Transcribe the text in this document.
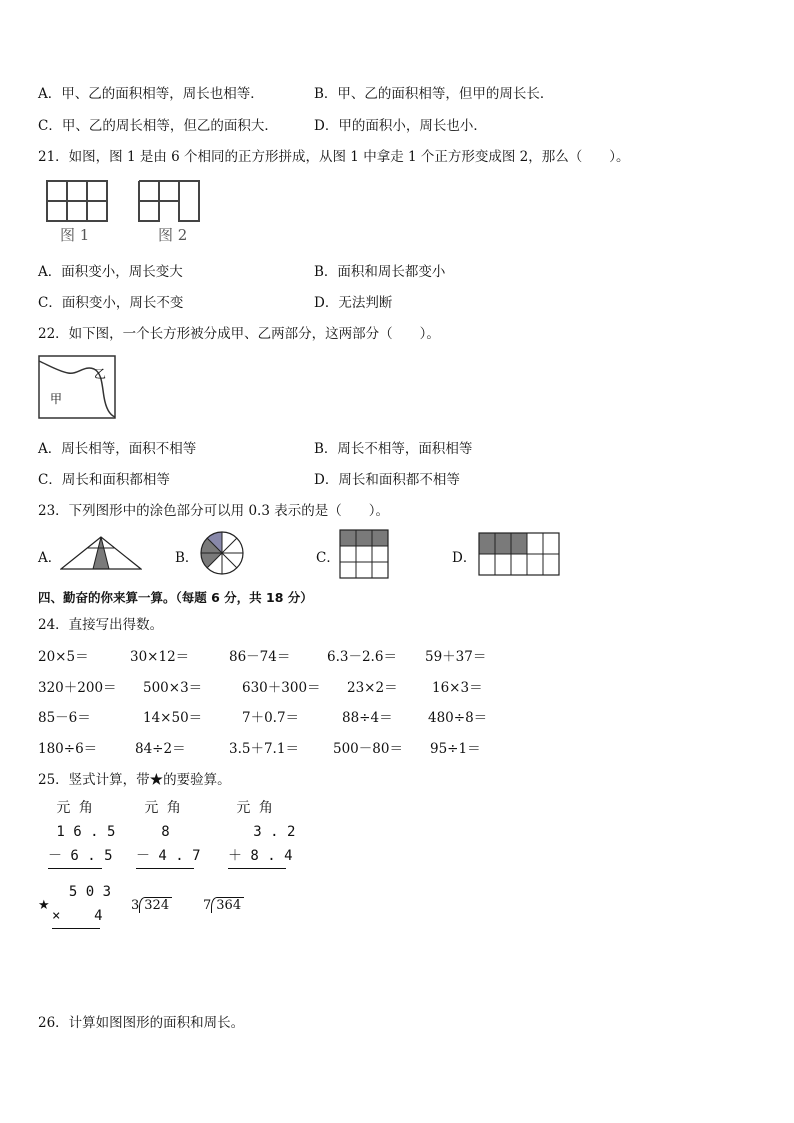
A．甲、乙的面积相等，周长也相等．	B．甲、乙的面积相等，但甲的周长长．
C．甲、乙的周长相等，但乙的面积大．	D．甲的面积小，周长也小．
21．如图，图 1 是由 6 个相同的正方形拼成，从图 1 中拿走 1 个正方形变成图 2，那么（　　）。
图 1	图 2
A．面积变小，周长变大	B．面积和周长都变小
C．面积变小，周长不变	D．无法判断
22．如下图，一个长方形被分成甲、乙两部分，这两部分（　　）。
乙
甲
A．周长相等，面积不相等	B．周长不相等，面积相等
C．周长和面积都相等	D．周长和面积都不相等
23．下列图形中的涂色部分可以用 0.3 表示的是（　　）。
A．	B．	C．	D．
四、勤奋的你来算一算。（每题 6 分，共 18 分）
24．直接写出得数。
20×5＝	30×12＝	86－74＝	6.3－2.6＝ 59＋37＝
320＋200＝ 500×3＝	630＋300＝ 23×2＝	16×3＝
85－6＝	14×50＝	7＋0.7＝	88÷4＝	480÷8＝
180÷6＝	84÷2＝	3.5＋7.1＝	500－80＝ 95÷1＝
25．竖式计算，带★的要验算。
元 角
1 6 . 5
－ 6 . 5
元 角
8
－ 4 . 7
元 角
3 . 2
＋ 8 . 4
★
5 0 3
×    4
3 324	7 364
26．计算如图图形的面积和周长。
